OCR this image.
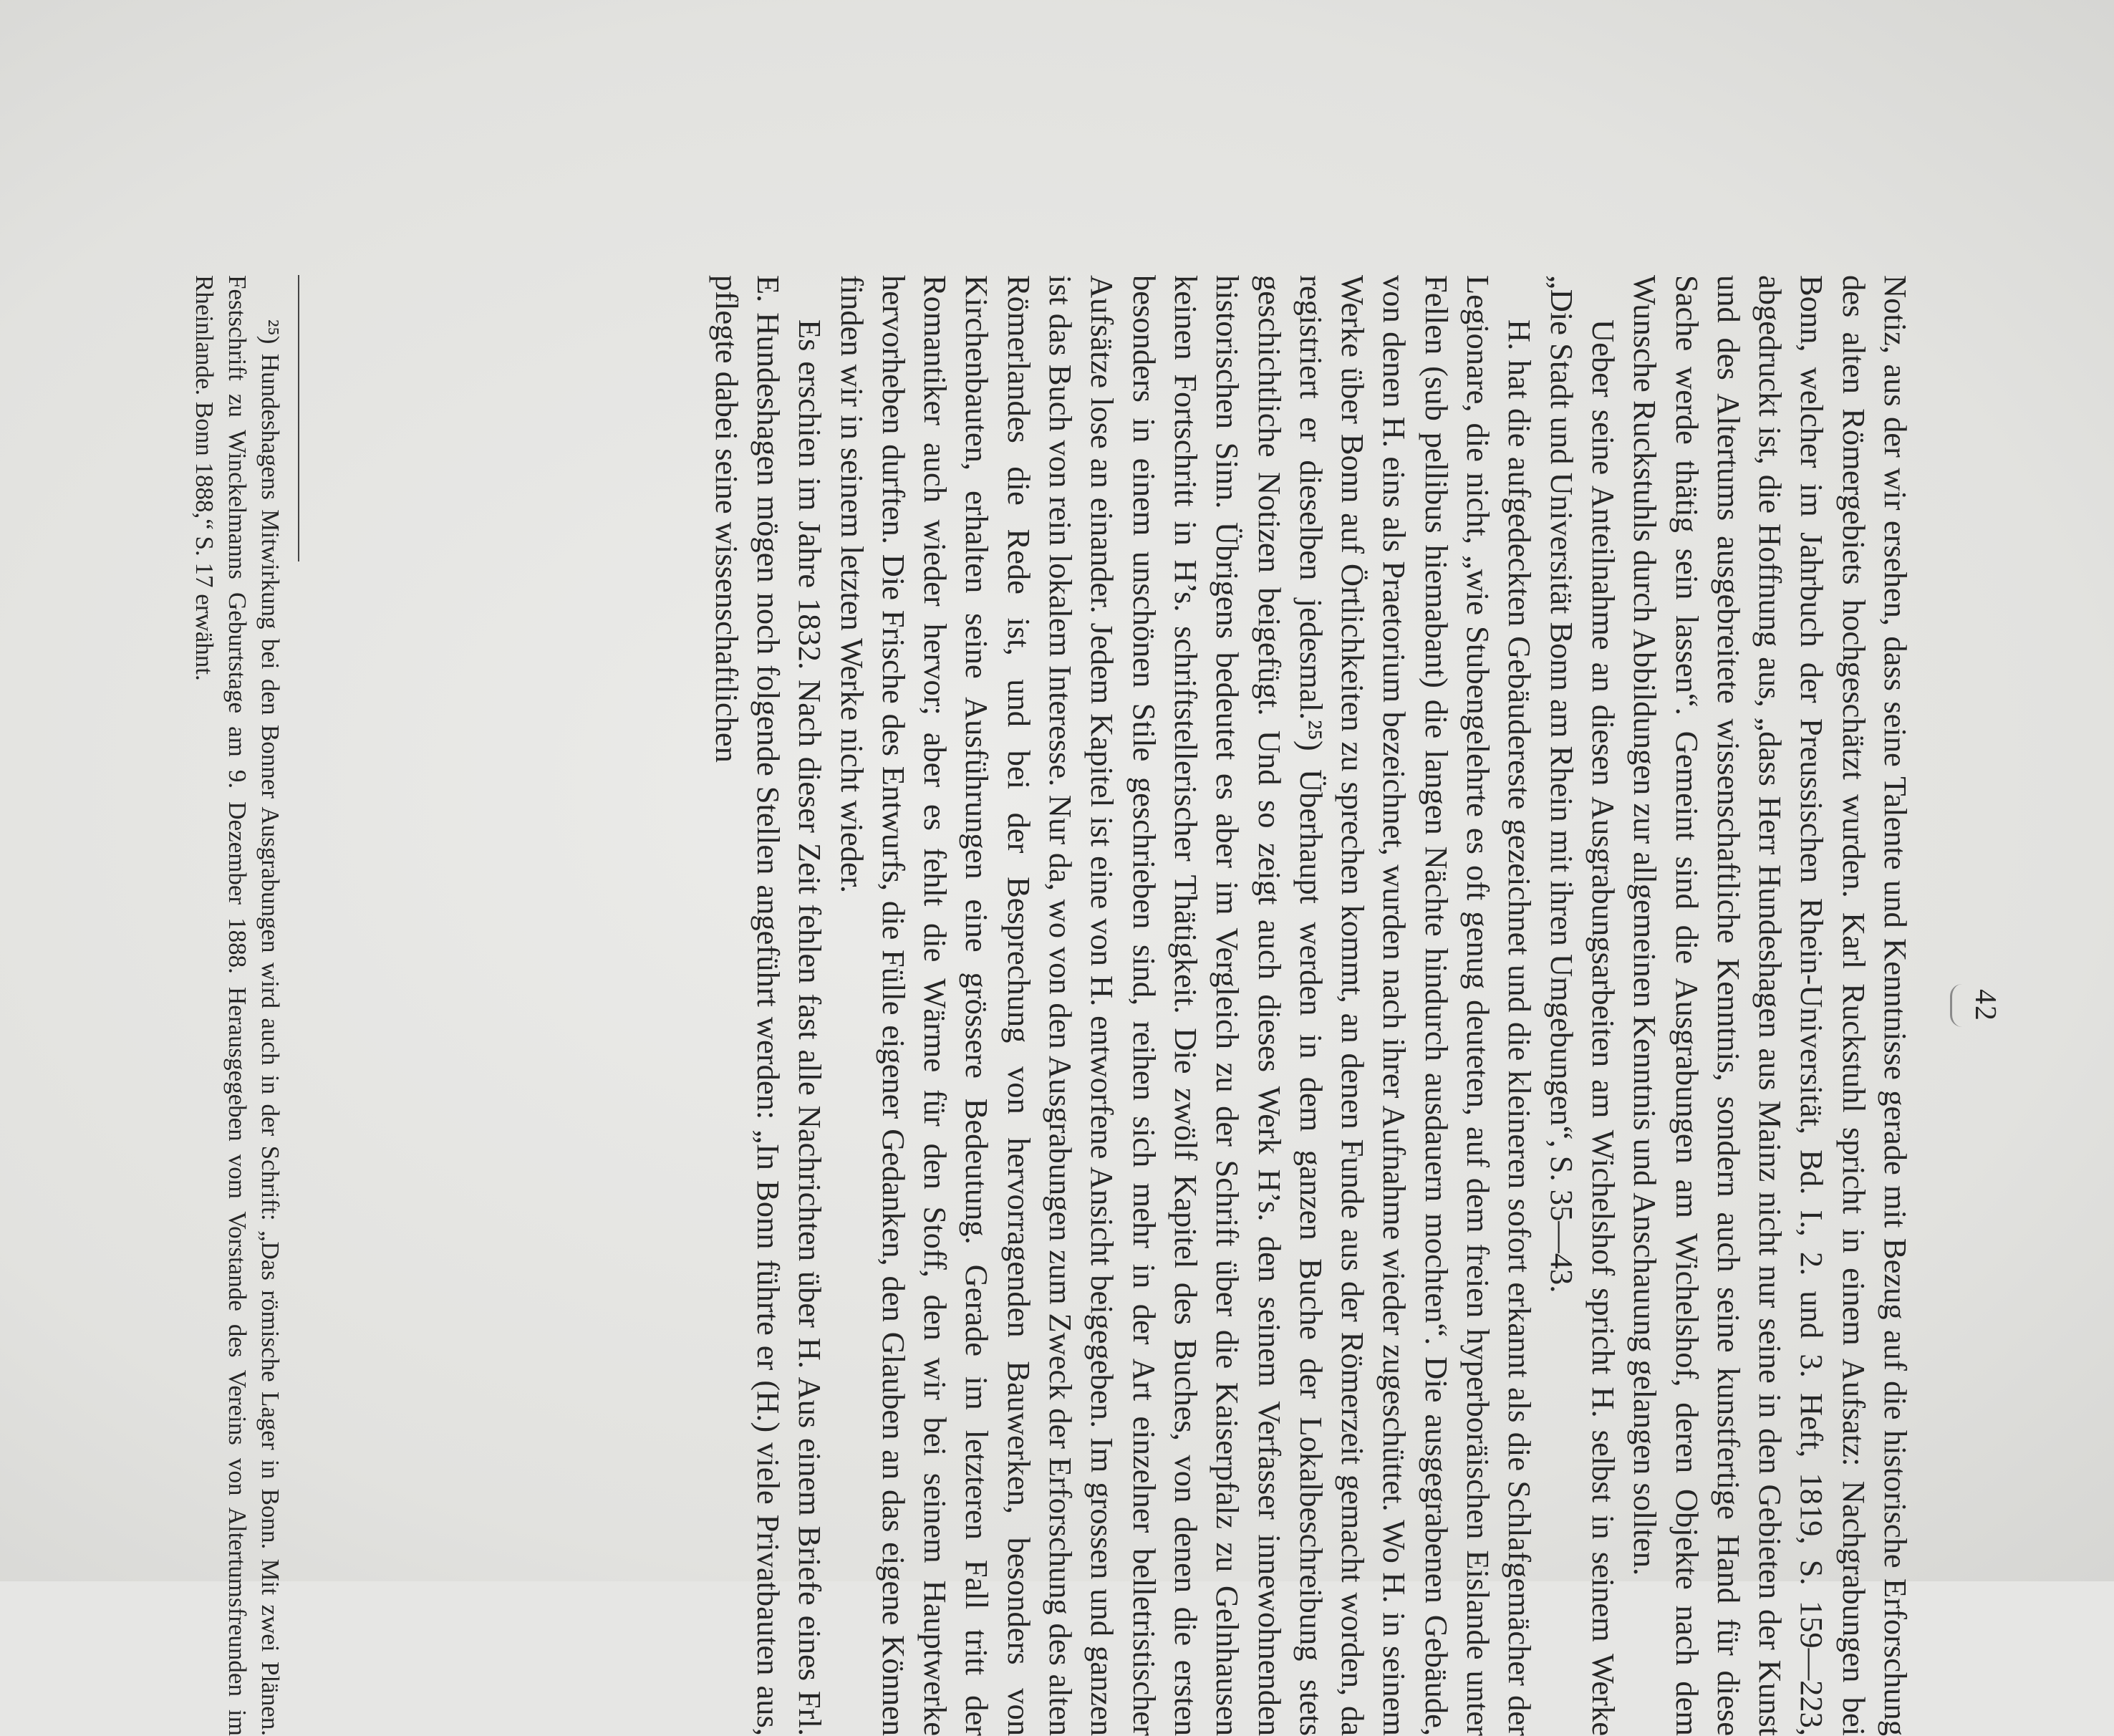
42

Notiz, aus der wir ersehen, dass seine Talente und Kenntnisse gerade mit Bezug auf die historische Erforschung des alten Römergebiets hochgeschätzt wurden. Karl Ruckstuhl spricht in einem Aufsatz: Nachgrabungen bei Bonn, welcher im Jahrbuch der Preussischen Rhein-Universität, Bd. I., 2. und 3. Heft, 1819, S. 159—223, abgedruckt ist, die Hoffnung aus, „dass Herr Hundeshagen aus Mainz nicht nur seine in den Gebieten der Kunst und des Altertums ausgebreitete wissenschaftliche Kenntnis, sondern auch seine kunstfertige Hand für diese Sache werde thätig sein lassen“. Gemeint sind die Ausgrabungen am Wichelshof, deren Objekte nach dem Wunsche Ruckstuhls durch Abbildungen zur allgemeinen Kenntnis und Anschauung gelangen sollten.

Ueber seine Anteilnahme an diesen Ausgrabungsarbeiten am Wichelshof spricht H. selbst in seinem Werke „Die Stadt und Universität Bonn am Rhein mit ihren Umgebungen“, S. 35—43.

H. hat die aufgedeckten Gebäudereste gezeichnet und die kleineren sofort erkannt als die Schlafgemächer der Legionare, die nicht, „wie Stubengelehrte es oft genug deuteten, auf dem freien hyperboräischen Eislande unter Fellen (sub pellibus hiemabant) die langen Nächte hindurch ausdauern mochten“. Die ausgegrabenen Gebäude, von denen H. eins als Praetorium bezeichnet, wurden nach ihrer Aufnahme wieder zugeschüttet. Wo H. in seinem Werke über Bonn auf Örtlichkeiten zu sprechen kommt, an denen Funde aus der Römerzeit gemacht worden, da registriert er dieselben jedesmal.²⁵) Überhaupt werden in dem ganzen Buche der Lokalbeschreibung stets geschichtliche Notizen beigefügt. Und so zeigt auch dieses Werk H’s. den seinem Verfasser innewohnenden historischen Sinn. Übrigens bedeutet es aber im Vergleich zu der Schrift über die Kaiserpfalz zu Gelnhausen keinen Fortschritt in H’s. schriftstellerischer Thätigkeit. Die zwölf Kapitel des Buches, von denen die ersten besonders in einem unschönen Stile geschrieben sind, reihen sich mehr in der Art einzelner belletristischer Aufsätze lose an einander. Jedem Kapitel ist eine von H. entworfene Ansicht beigegeben. Im grossen und ganzen ist das Buch von rein lokalem Interesse. Nur da, wo von den Ausgrabungen zum Zweck der Erforschung des alten Römerlandes die Rede ist, und bei der Besprechung von hervorragenden Bauwerken, besonders von Kirchenbauten, erhalten seine Ausführungen eine grössere Bedeutung. Gerade im letzteren Fall tritt der Romantiker auch wieder hervor; aber es fehlt die Wärme für den Stoff, den wir bei seinem Hauptwerke hervorheben durften. Die Frische des Entwurfs, die Fülle eigener Gedanken, den Glauben an das eigene Können finden wir in seinem letzten Werke nicht wieder.

Es erschien im Jahre 1832. Nach dieser Zeit fehlen fast alle Nachrichten über H. Aus einem Briefe eines Frl. E. Hundeshagen mögen noch folgende Stellen angeführt werden: „In Bonn führte er (H.) viele Privatbauten aus, pflegte dabei seine wissenschaftlichen

²⁵) Hundeshagens Mitwirkung bei den Bonner Ausgrabungen wird auch in der Schrift: „Das römische Lager in Bonn. Mit zwei Plänen. Festschrift zu Winckelmanns Geburtstage am 9. Dezember 1888. Herausgegeben vom Vorstande des Vereins von Altertumsfreunden im Rheinlande. Bonn 1888,“ S. 17 erwähnt.
